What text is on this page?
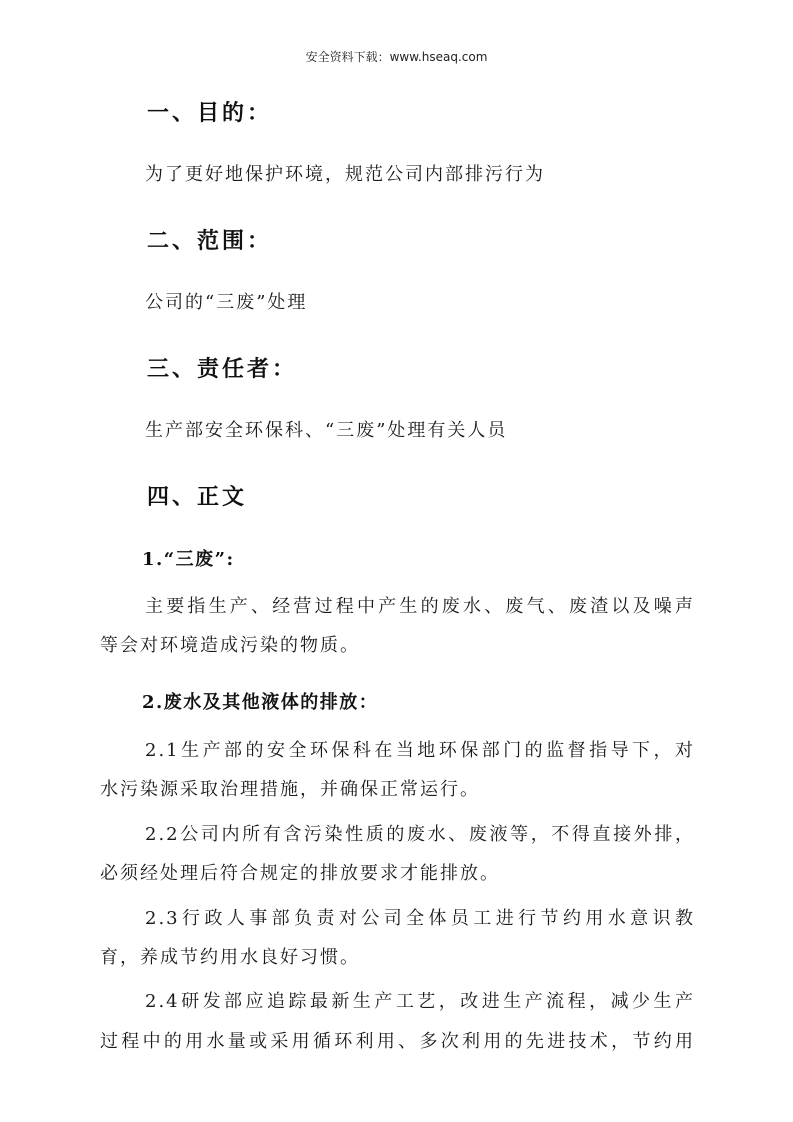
安全资料下载：www.hseaq.com
一、目的：
为了更好地保护环境，规范公司内部排污行为
二、范围：
公司的“三废”处理
三、责任者：
生产部安全环保科、“三废”处理有关人员
四、正文
1.“三废”:
主要指生产、经营过程中产生的废水、废气、废渣以及噪声
等会对环境造成污染的物质。
2.废水及其他液体的排放：
2.1生产部的安全环保科在当地环保部门的监督指导下，对
水污染源采取治理措施，并确保正常运行。
2.2公司内所有含污染性质的废水、废液等，不得直接外排，
必须经处理后符合规定的排放要求才能排放。
2.3行政人事部负责对公司全体员工进行节约用水意识教
育，养成节约用水良好习惯。
2.4研发部应追踪最新生产工艺，改进生产流程，减少生产
过程中的用水量或采用循环利用、多次利用的先进技术，节约用
